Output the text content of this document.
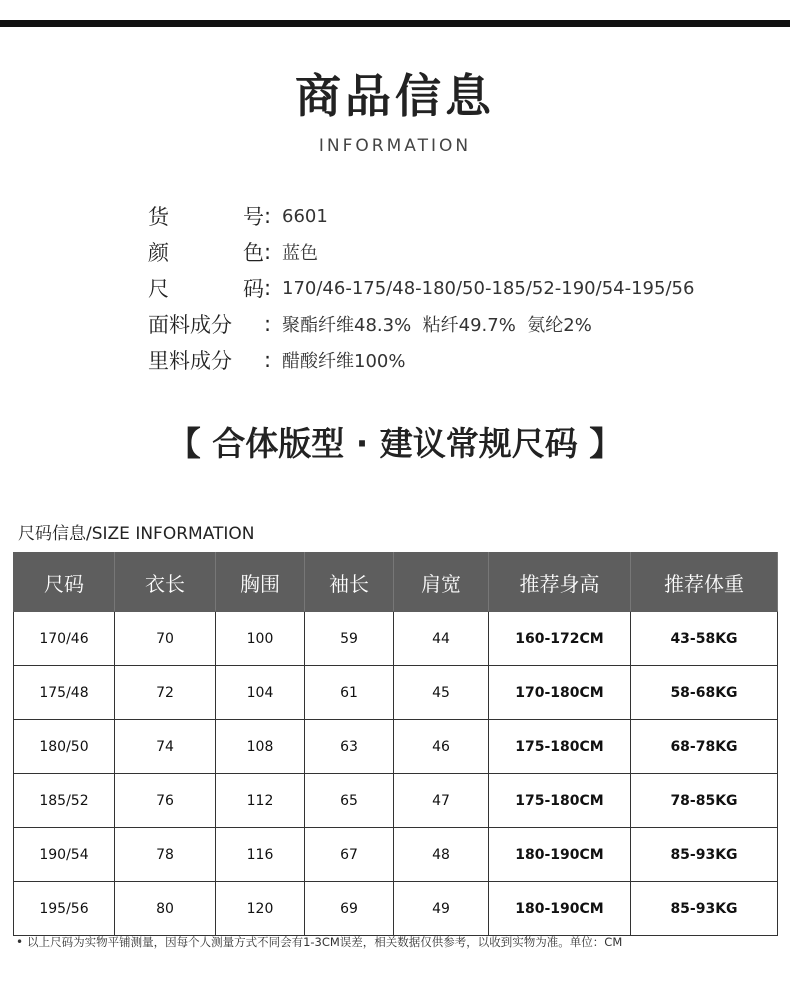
商品信息
INFORMATION
货	号 : 6601
颜	色 : 蓝色
尺	码 : 170/46-175/48-180/50-185/52-190/54-195/56
面料成分 : 聚酯纤维48.3%  粘纤49.7%  氨纶2%
里料成分 : 醋酸纤维100%
【 合体版型 · 建议常规尺码 】
尺码信息/SIZE INFORMATION
尺码	衣长	胸围	袖长	肩宽	推荐身高	推荐体重
170/46	70	100	59	44	160-172CM	43-58KG
175/48	72	104	61	45	170-180CM	58-68KG
180/50	74	108	63	46	175-180CM	68-78KG
185/52	76	112	65	47	175-180CM	78-85KG
190/54	78	116	67	48	180-190CM	85-93KG
195/56	80	120	69	49	180-190CM	85-93KG
• 以上尺码为实物平铺测量，因每个人测量方式不同会有1-3CM误差，相关数据仅供参考，以收到实物为准。单位：CM
